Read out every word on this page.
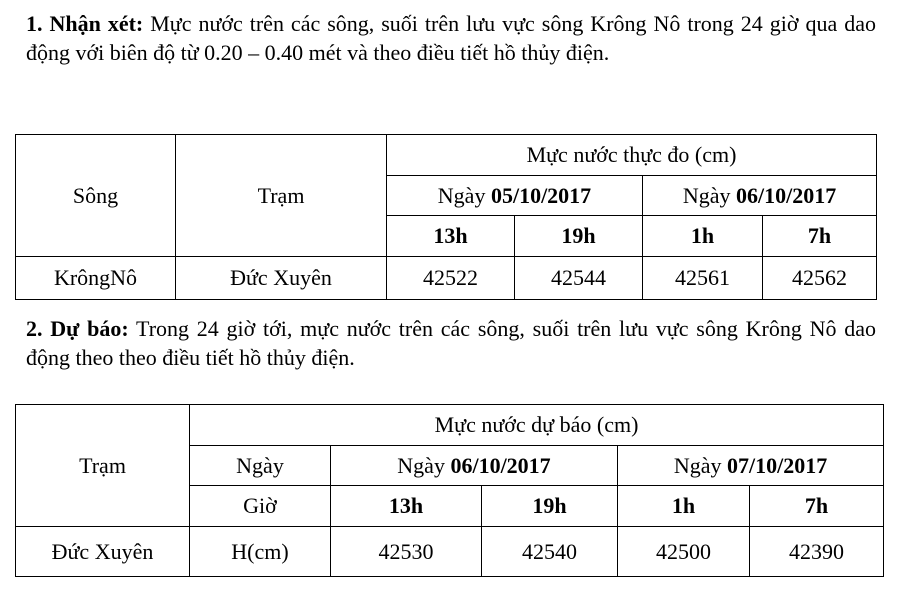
1. Nhận xét: Mực nước trên các sông, suối trên lưu vực sông Krông Nô trong 24 giờ qua dao động với biên độ từ 0.20 – 0.40 mét và theo điều tiết hồ thủy điện.

Sông	Trạm	Mực nước thực đo (cm)			
		Ngày 05/10/2017		Ngày 06/10/2017	
		13h	19h	1h	7h
KrôngNô	Đức Xuyên	42522	42544	42561	42562

2. Dự báo: Trong 24 giờ tới, mực nước trên các sông, suối trên lưu vực sông Krông Nô dao động theo theo điều tiết hồ thủy điện.

Trạm	Mực nước dự báo (cm)				
	Ngày	Ngày 06/10/2017		Ngày 07/10/2017	
	Giờ	13h	19h	1h	7h
Đức Xuyên	H(cm)	42530	42540	42500	42390
